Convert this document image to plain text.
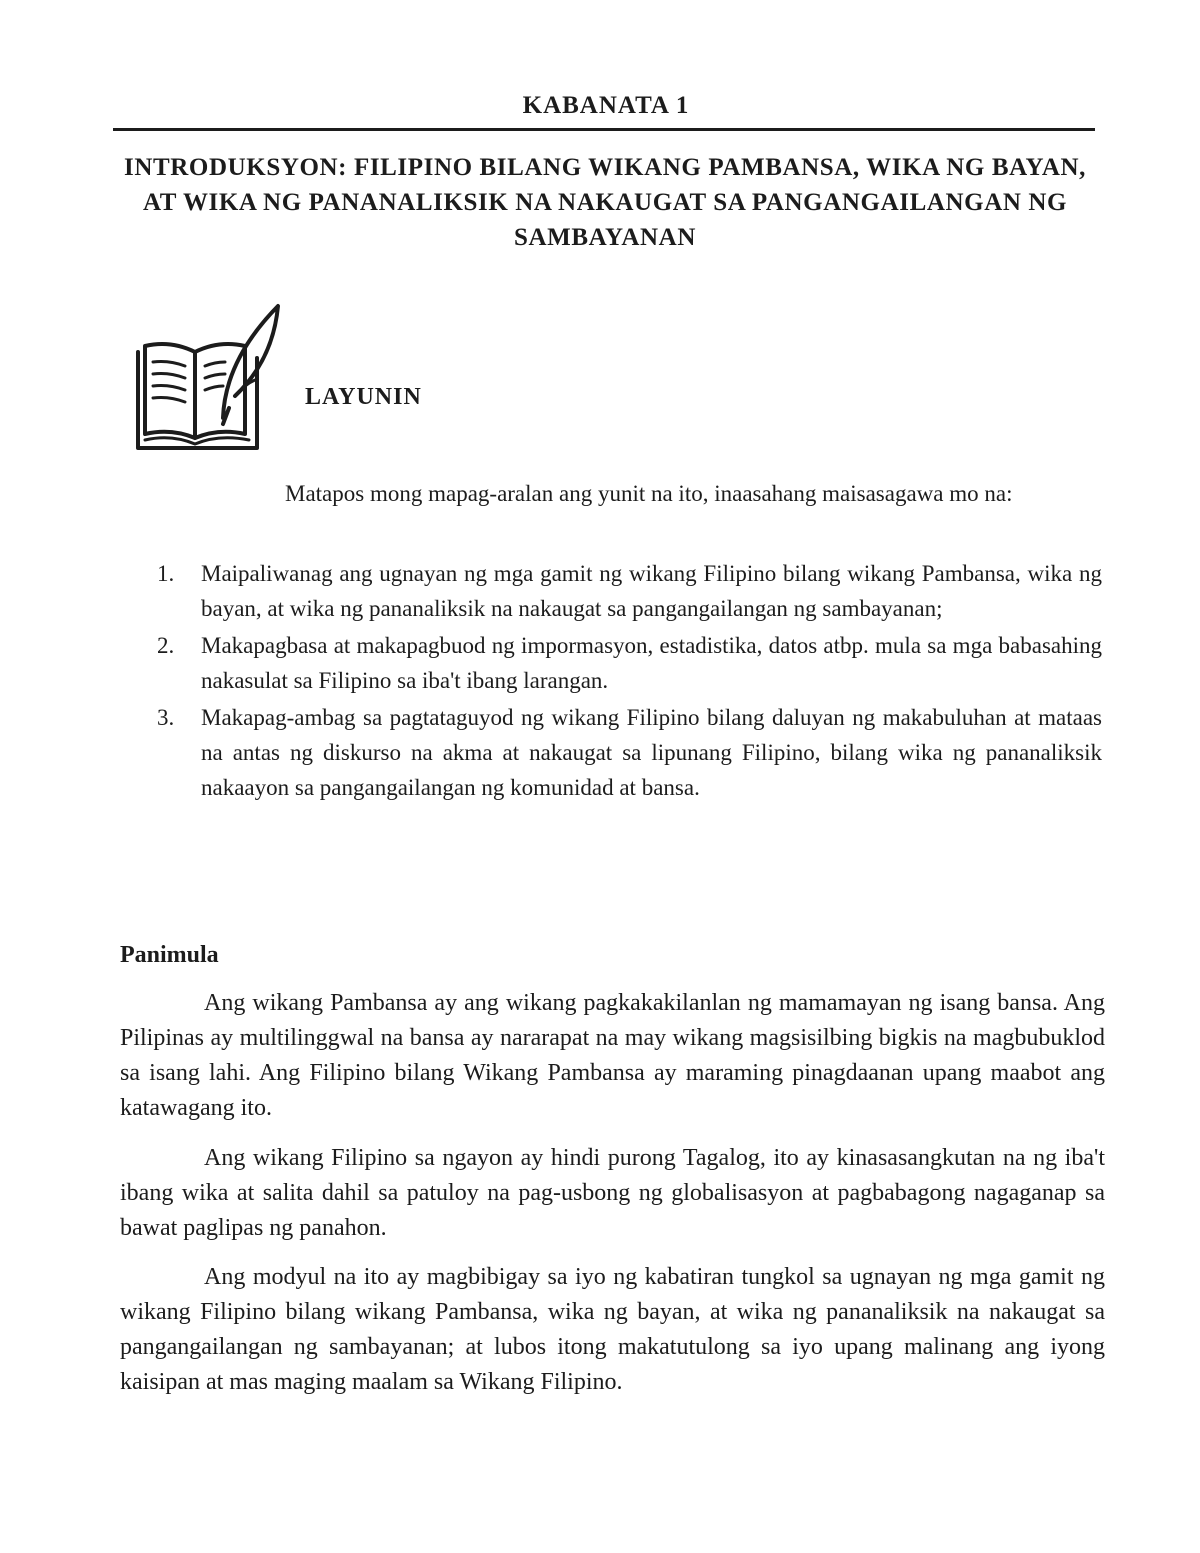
KABANATA 1
INTRODUKSYON: FILIPINO BILANG WIKANG PAMBANSA, WIKA NG BAYAN, AT WIKA NG PANANALIKSIK NA NAKAUGAT SA PANGANGAILANGAN NG SAMBAYANAN
LAYUNIN
Matapos mong mapag-aralan ang yunit na ito, inaasahang maisasagawa mo na:
1. Maipaliwanag ang ugnayan ng mga gamit ng wikang Filipino bilang wikang Pambansa, wika ng bayan, at wika ng pananaliksik na nakaugat sa pangangailangan ng sambayanan;
2. Makapagbasa at makapagbuod ng impormasyon, estadistika, datos atbp. mula sa mga babasahing nakasulat sa Filipino sa iba't ibang larangan.
3. Makapag-ambag sa pagtataguyod ng wikang Filipino bilang daluyan ng makabuluhan at mataas na antas ng diskurso na akma at nakaugat sa lipunang Filipino, bilang wika ng pananaliksik nakaayon sa pangangailangan ng komunidad at bansa.
Panimula

Ang wikang Pambansa ay ang wikang pagkakakilanlan ng mamamayan ng isang bansa. Ang Pilipinas ay multilinggwal na bansa ay nararapat na may wikang magsisilbing bigkis na magbubuklod sa isang lahi. Ang Filipino bilang Wikang Pambansa ay maraming pinagdaanan upang maabot ang katawagang ito.

Ang wikang Filipino sa ngayon ay hindi purong Tagalog, ito ay kinasasangkutan na ng iba't ibang wika at salita dahil sa patuloy na pag-usbong ng globalisasyon at pagbabagong nagaganap sa bawat paglipas ng panahon.

Ang modyul na ito ay magbibigay sa iyo ng kabatiran tungkol sa ugnayan ng mga gamit ng wikang Filipino bilang wikang Pambansa, wika ng bayan, at wika ng pananaliksik na nakaugat sa pangangailangan ng sambayanan; at lubos itong makatutulong sa iyo upang malinang ang iyong kaisipan at mas maging maalam sa Wikang Filipino.
